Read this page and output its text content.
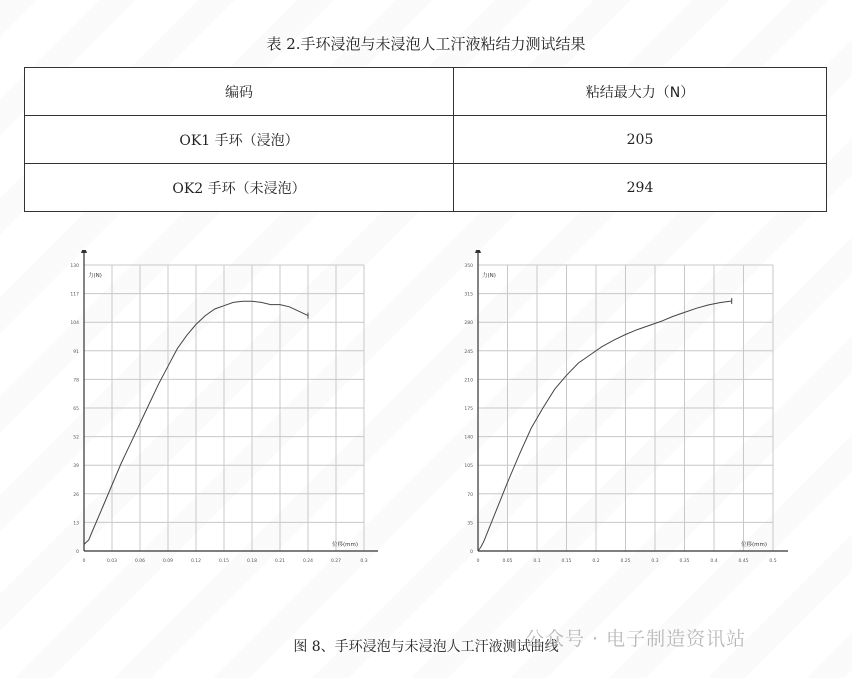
表 2.手环浸泡与未浸泡人工汗液粘结力测试结果
编码	粘结最大力（N）
OK1 手环（浸泡）	205
OK2 手环（未浸泡）	294
0	0.03	0.06	0.09	0.12	0.15	0.18	0.21	0.24	0.27	0.3
0
13
26
39
52
65
78
91
104
117
130
力(N)
位移(mm)
0	0.05	0.1	0.15	0.2	0.25	0.3	0.35	0.4	0.45	0.5
0
35
70
105
140
175
210
245
280
315
350
力(N)
位移(mm)
图 8、手环浸泡与未浸泡人工汗液测试曲线
公众号 · 电子制造资讯站
